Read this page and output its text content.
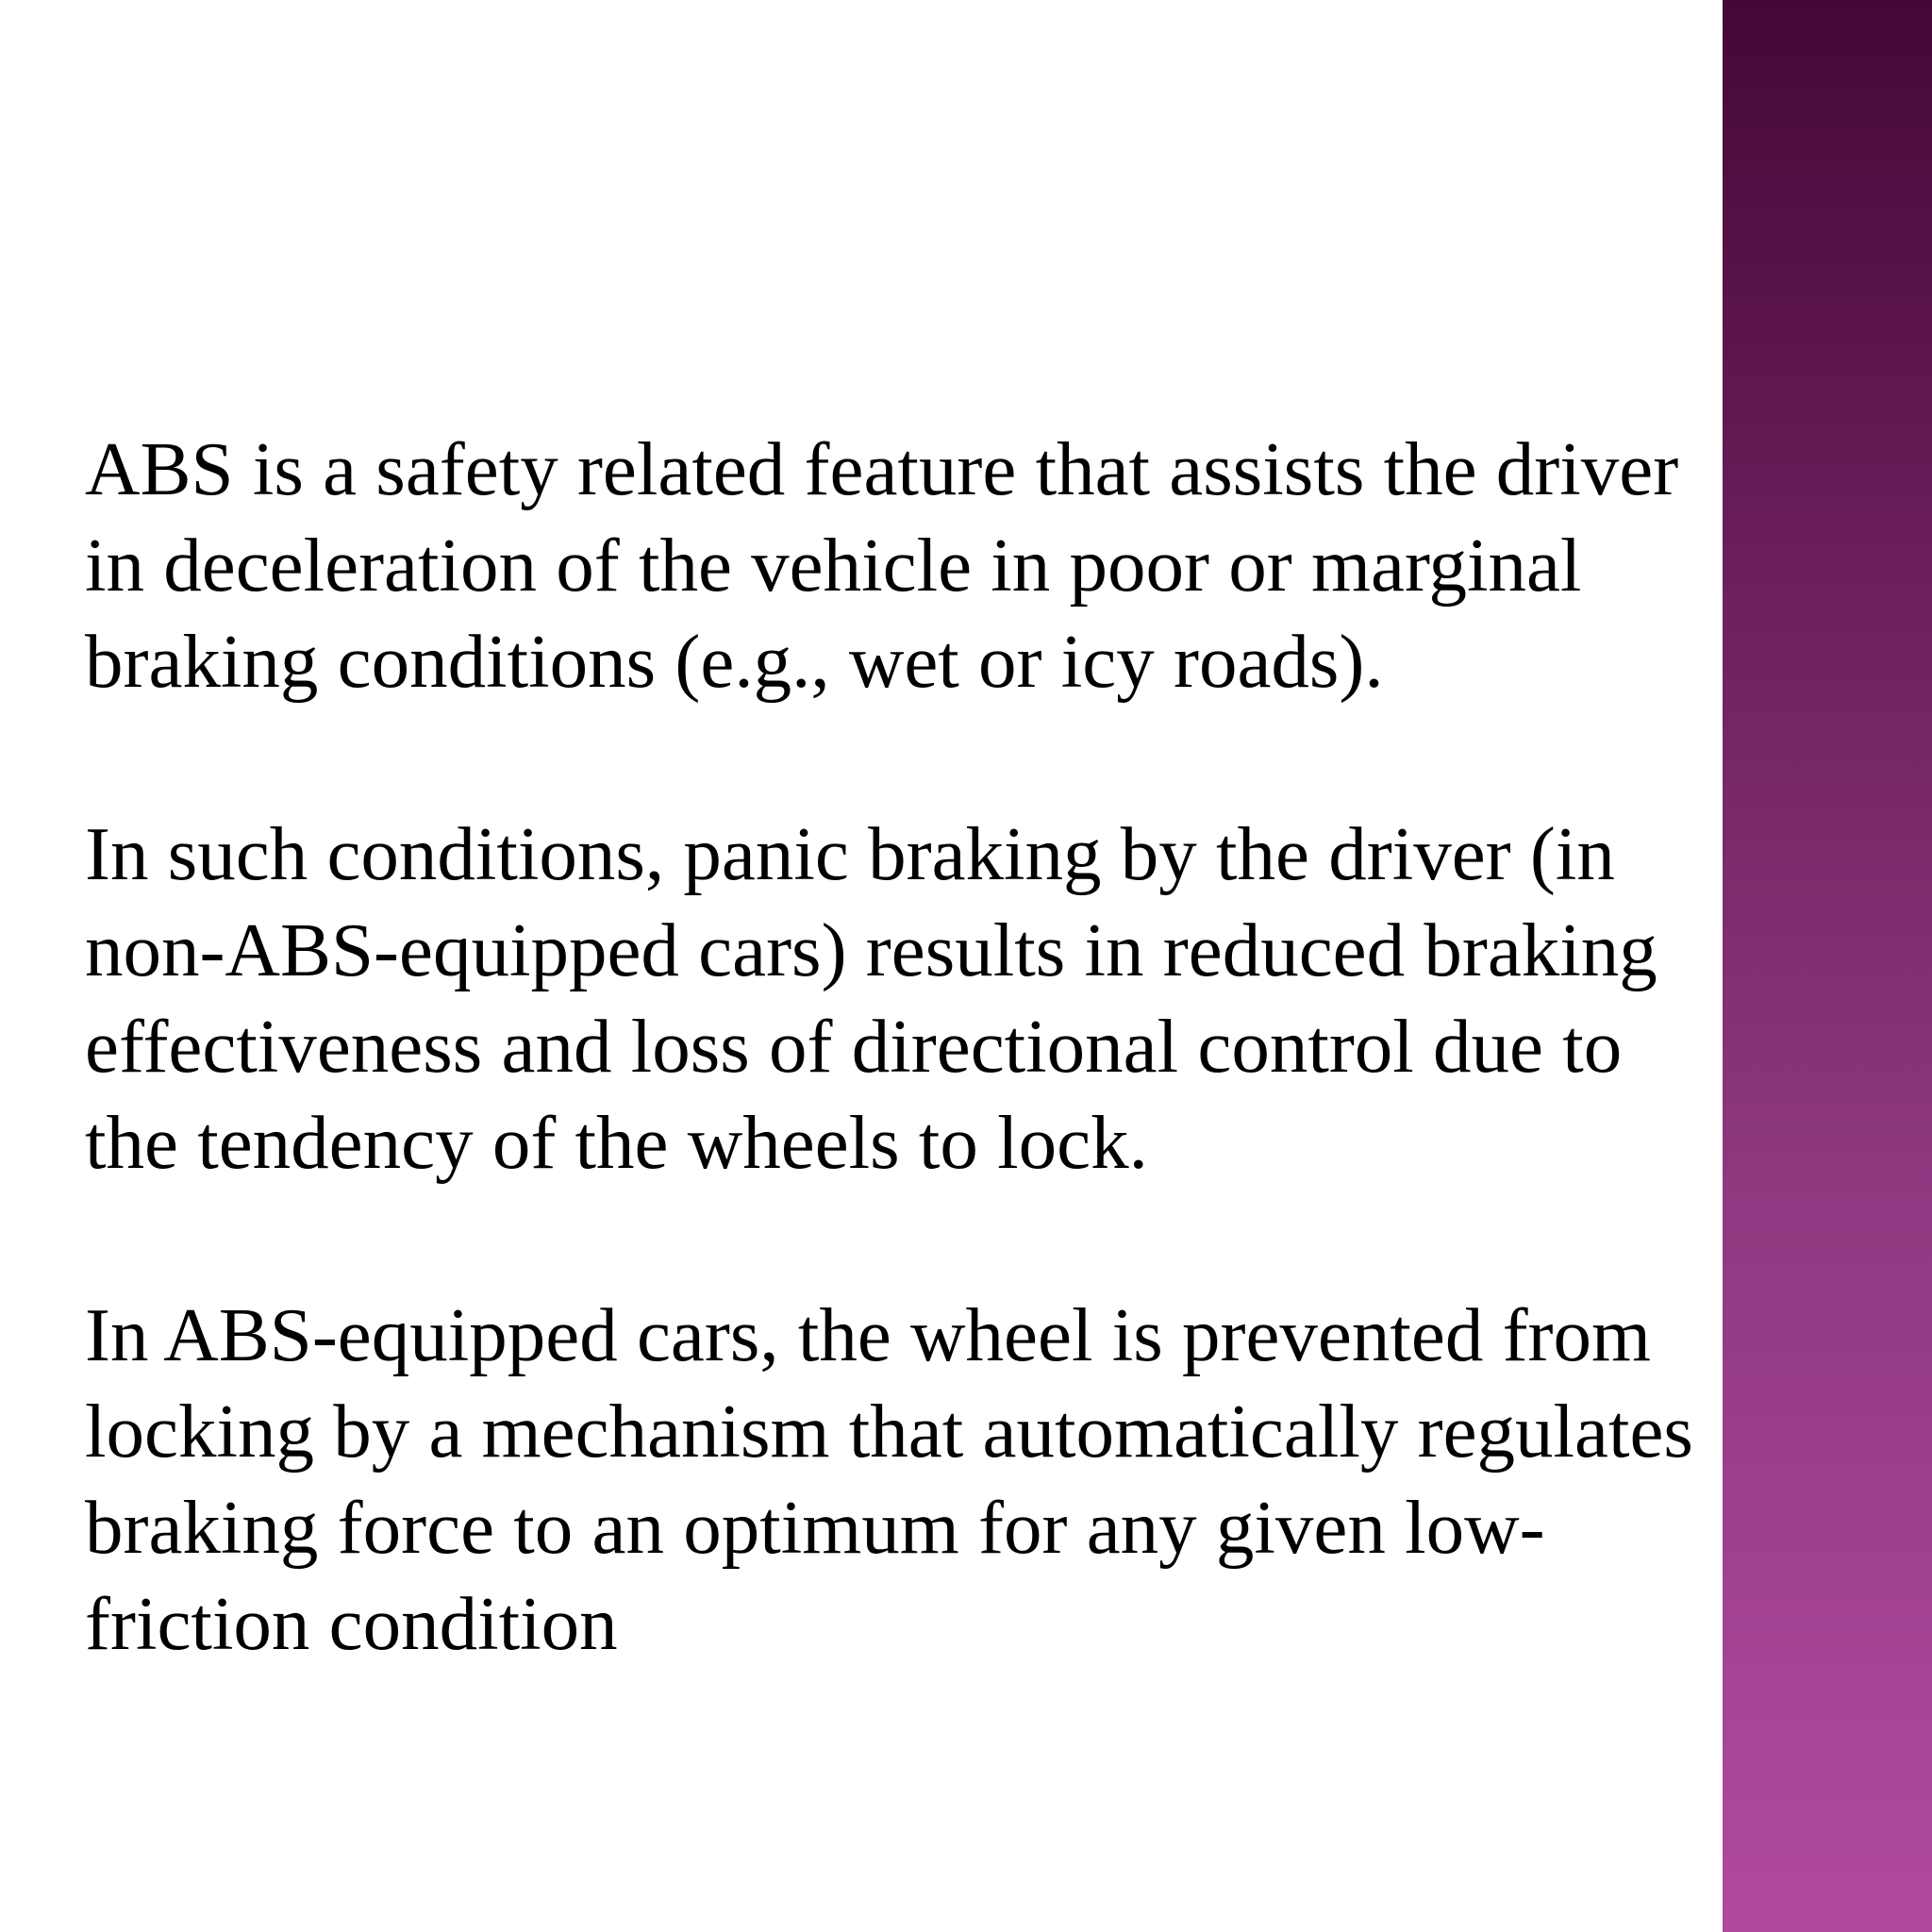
ABS is a safety related feature that assists the driver
in deceleration of the vehicle in poor or marginal
braking conditions (e.g., wet or icy roads).

In such conditions, panic braking by the driver (in
non-ABS-equipped cars) results in reduced braking
effectiveness and loss of directional control due to
the tendency of the wheels to lock.

In ABS-equipped cars, the wheel is prevented from
locking by a mechanism that automatically regulates
braking force to an optimum for any given low-
friction condition
